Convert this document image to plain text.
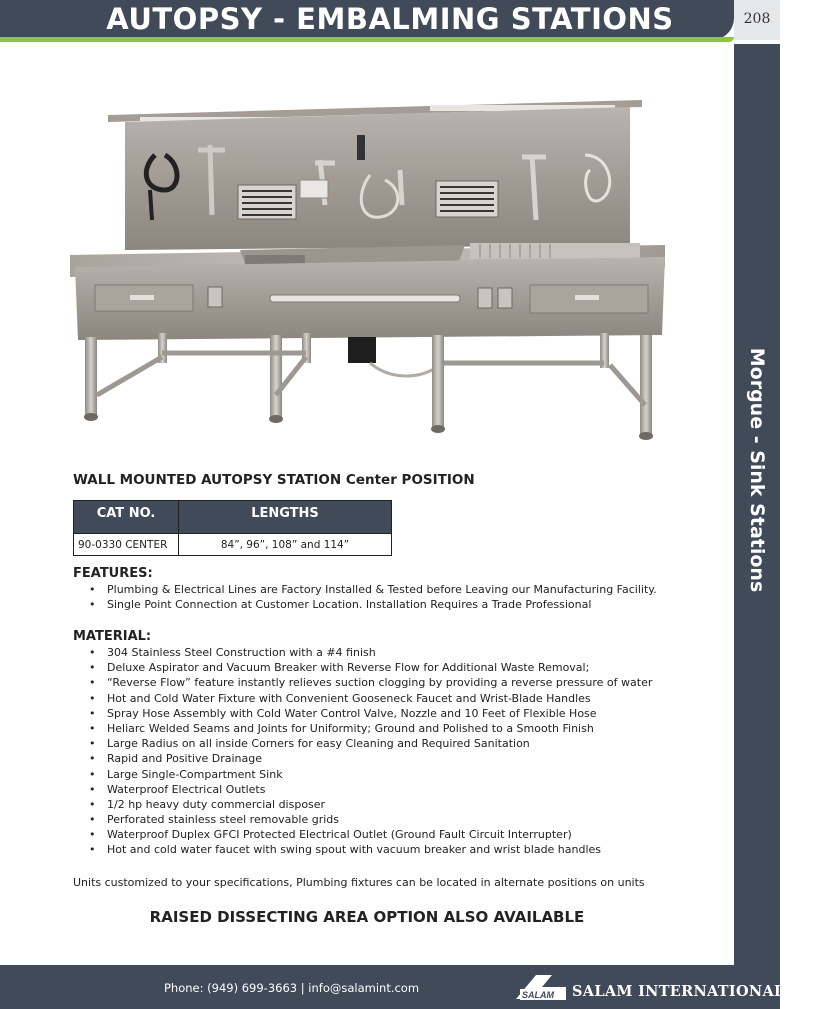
AUTOPSY - EMBALMING STATIONS	208
Morgue - Sink Stations
WALL MOUNTED AUTOPSY STATION Center POSITION
CAT NO.	LENGTHS
90-0330 CENTER	84”, 96”, 108” and 114”
FEATURES:
• Plumbing & Electrical Lines are Factory Installed & Tested before Leaving our Manufacturing Facility.
• Single Point Connection at Customer Location. Installation Requires a Trade Professional
MATERIAL:
• 304 Stainless Steel Construction with a #4 finish
• Deluxe Aspirator and Vacuum Breaker with Reverse Flow for Additional Waste Removal;
• “Reverse Flow” feature instantly relieves suction clogging by providing a reverse pressure of water
• Hot and Cold Water Fixture with Convenient Gooseneck Faucet and Wrist-Blade Handles
• Spray Hose Assembly with Cold Water Control Valve, Nozzle and 10 Feet of Flexible Hose
• Heliarc Welded Seams and Joints for Uniformity; Ground and Polished to a Smooth Finish
• Large Radius on all inside Corners for easy Cleaning and Required Sanitation
• Rapid and Positive Drainage
• Large Single-Compartment Sink
• Waterproof Electrical Outlets
• 1/2 hp heavy duty commercial disposer
• Perforated stainless steel removable grids
• Waterproof Duplex GFCI Protected Electrical Outlet (Ground Fault Circuit Interrupter)
• Hot and cold water faucet with swing spout with vacuum breaker and wrist blade handles
Units customized to your specifications, Plumbing fixtures can be located in alternate positions on units
RAISED DISSECTING AREA OPTION ALSO AVAILABLE
Phone: (949) 699-3663 | info@salamint.com	SALAM SALAM INTERNATIONAL, INC.
